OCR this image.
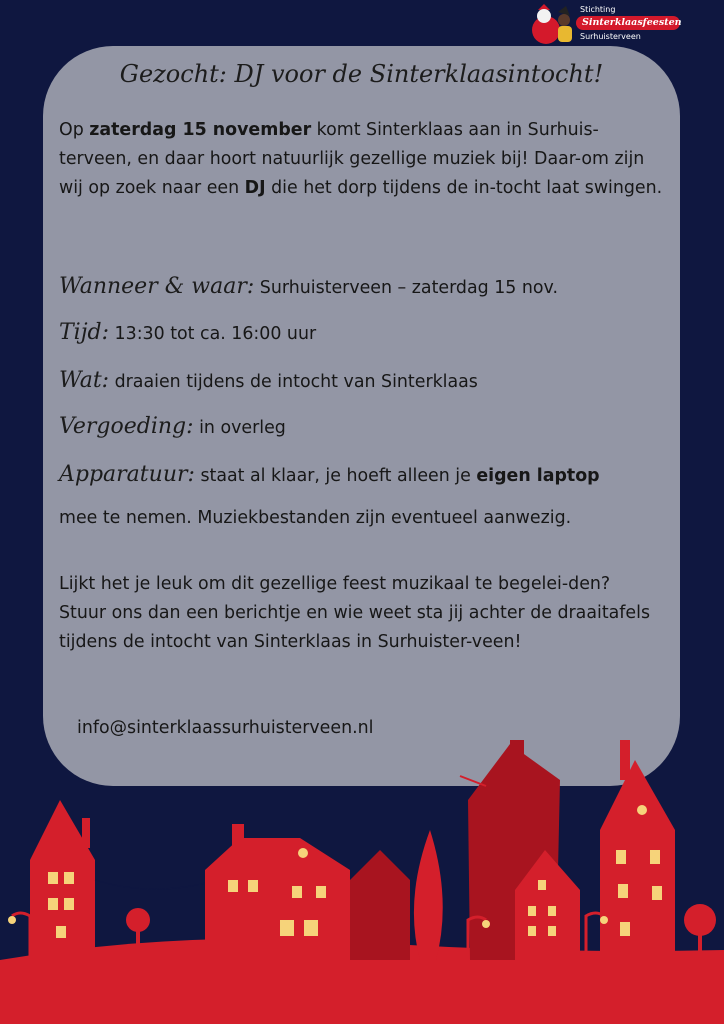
Stichting
Sinterklaasfeesten
Surhuisterveen
Gezocht: DJ voor de Sinterklaasintocht!

Op zaterdag 15 november komt Sinterklaas aan in Surhuis-terveen, en daar hoort natuurlijk gezellige muziek bij! Daar-om zijn wij op zoek naar een DJ die het dorp tijdens de in-tocht laat swingen.

Wanneer & waar: Surhuisterveen – zaterdag 15 nov.
Tijd: 13:30 tot ca. 16:00 uur
Wat: draaien tijdens de intocht van Sinterklaas
Vergoeding: in overleg
Apparatuur: staat al klaar, je hoeft alleen je eigen laptop
mee te nemen. Muziekbestanden zijn eventueel aanwezig.
Lijkt het je leuk om dit gezellige feest muzikaal te begelei-den?
Stuur ons dan een berichtje en wie weet sta jij achter de draaitafels tijdens de intocht van Sinterklaas in Surhuister-veen!
info@sinterklaassurhuisterveen.nl
